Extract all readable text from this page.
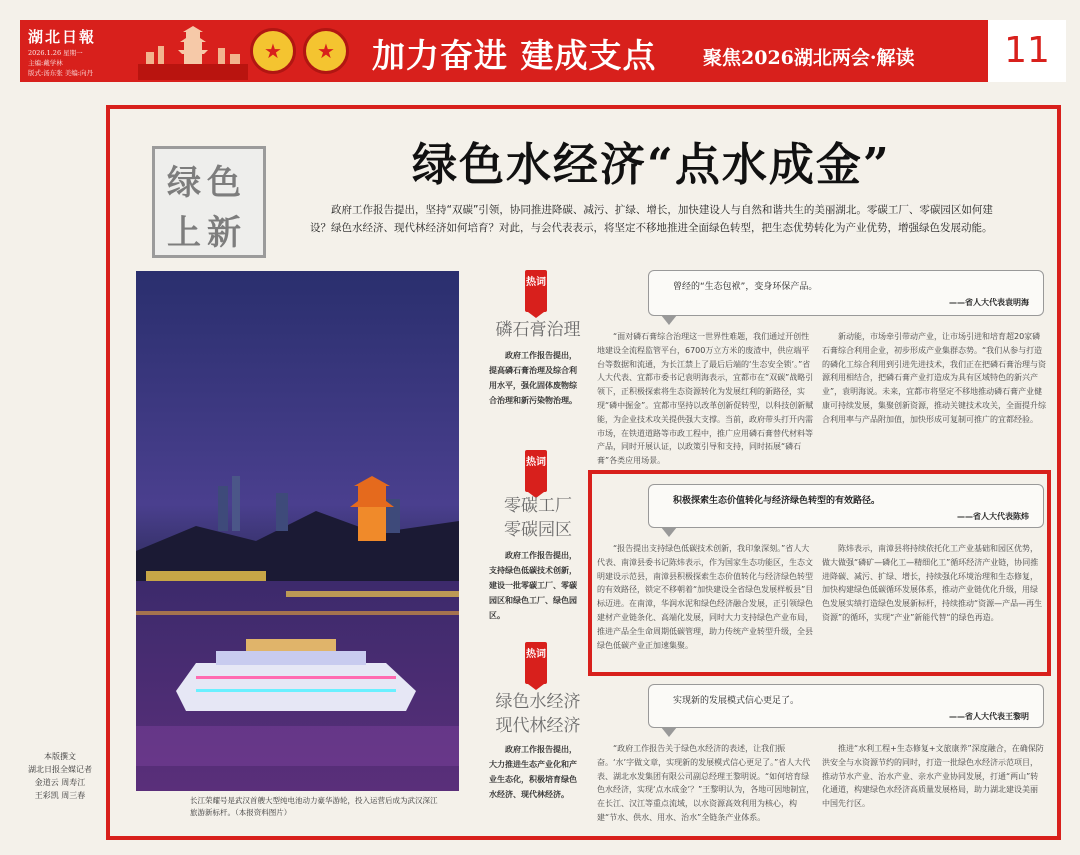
湖北日報
2026.1.26 星期一
主编:戴学林
版式:汤东张 美编:向丹 ★ ★	加力奋进 建成支点 聚焦2026湖北两会·解读	11
绿色
上新
绿色水经济“点水成金”
政府工作报告提出，坚持“双碳”引领，协同推进降碳、减污、扩绿、增长，加快建设人与自然和谐共生的美丽湖北。零碳工厂、零碳园区如何建设？绿色水经济、现代林经济如何培育？对此，与会代表表示，将坚定不移地推进全面绿色转型，把生态优势转化为产业优势，增强绿色发展动能。
长江荣耀号是武汉首艘大型纯电池动力豪华游轮，投入运营后成为武汉深江旅游新标杆。（本报资料图片）
本版撰文
湖北日报全媒记者
金道云 周寿江
王彩凯 周三春
热词
磷石膏治理
政府工作报告提出，提高磷石膏治理及综合利用水平，强化固体废物综合治理和新污染物治理。
热词
零碳工厂
零碳园区
政府工作报告提出，支持绿色低碳技术创新，建设一批零碳工厂、零碳园区和绿色工厂、绿色园区。
热词
绿色水经济
现代林经济
政府工作报告提出，大力推进生态产业化和产业生态化，积极培育绿色水经济、现代林经济。
曾经的“生态包袱”，变身环保产品。
——省人大代表袁明海
“面对磷石膏综合治理这一世界性难题，我们通过开创性地建设全流程监管平台，6700万立方米的废渣中，供应端平台等数据和流通，为长江禁上了最后后端的‘生态安全锁’。”省人大代表、宜都市委书记袁明海表示，宜都市在“双碳”战略引领下，正积极探索将生态资源转化为发展红利的新路径，实现“磷中掘金”。宜都市坚持以改革创新促转型，以科技创新赋能，为企业技术攻关提供强大支撑。当前，政府带头打开内需市场，在铁道道路等市政工程中，推广应用磷石膏替代材料等产品，同时开展认证，以政策引导和支持，同时拓展“磷石膏”各类应用场景。
新动能，市场牵引带动产业，让市场引进和培育超20家磷石膏综合利用企业，初步形成产业集群态势。“我们从参与打造的磷化工综合利用到引进先进技术，我们正在把磷石膏治理与资源利用相结合，把磷石膏产业打造成为具有区域特色的新兴产业”，袁明海说。未来，宜都市将坚定不移地推动磷石膏产业健康可持续发展，集聚创新资源，推动关键技术攻关，全面提升综合利用率与产品附加值，加快形成可复制可推广的宜都经验。
积极探索生态价值转化与经济绿色转型的有效路径。
——省人大代表陈炜
“报告提出支持绿色低碳技术创新，我印象深刻。”省人大代表、南漳县委书记陈炜表示，作为国家生态功能区，生态文明建设示范县，南漳县积极探索生态价值转化与经济绿色转型的有效路径，锁定不移朝着“加快建设全省绿色发展样板县”目标迈进。在南漳，华润水泥和绿色经济融合发展，正引领绿色建材产业链条化、高端化发展，同时大力支持绿色产业布局，推进产品全生命周期低碳管理，助力传统产业转型升级，全县绿色低碳产业正加速集聚。
陈炜表示，南漳县将持续依托化工产业基础和园区优势，做大做强“磷矿—磷化工—精细化工”循环经济产业链，协同推进降碳、减污、扩绿、增长，持续强化环境治理和生态修复，加快构建绿色低碳循环发展体系，推动产业链优化升级，用绿色发展实绩打造绿色发展新标杆，持续推动“资源—产品—再生资源”的循环，实现“产业”新能代替“的绿色再造。
实现新的发展模式信心更足了。
——省人大代表王黎明
“政府工作报告关于绿色水经济的表述，让我们振奋。‘水’字做文章，实现新的发展模式信心更足了。”省人大代表、湖北水发集团有限公司副总经理王黎明说。“如何培育绿色水经济，实现‘点水成金’？”王黎明认为，各地可因地制宜，在长江、汉江等重点流域，以水资源高效利用为核心，构建“节水、供水、用水、治水”全链条产业体系。
推进“水利工程+生态修复+文旅康养”深度融合，在确保防洪安全与水资源节约的同时，打造一批绿色水经济示范项目，推动节水产业、治水产业、亲水产业协同发展，打通“两山”转化通道，构建绿色水经济高质量发展格局，助力湖北建设美丽中国先行区。
